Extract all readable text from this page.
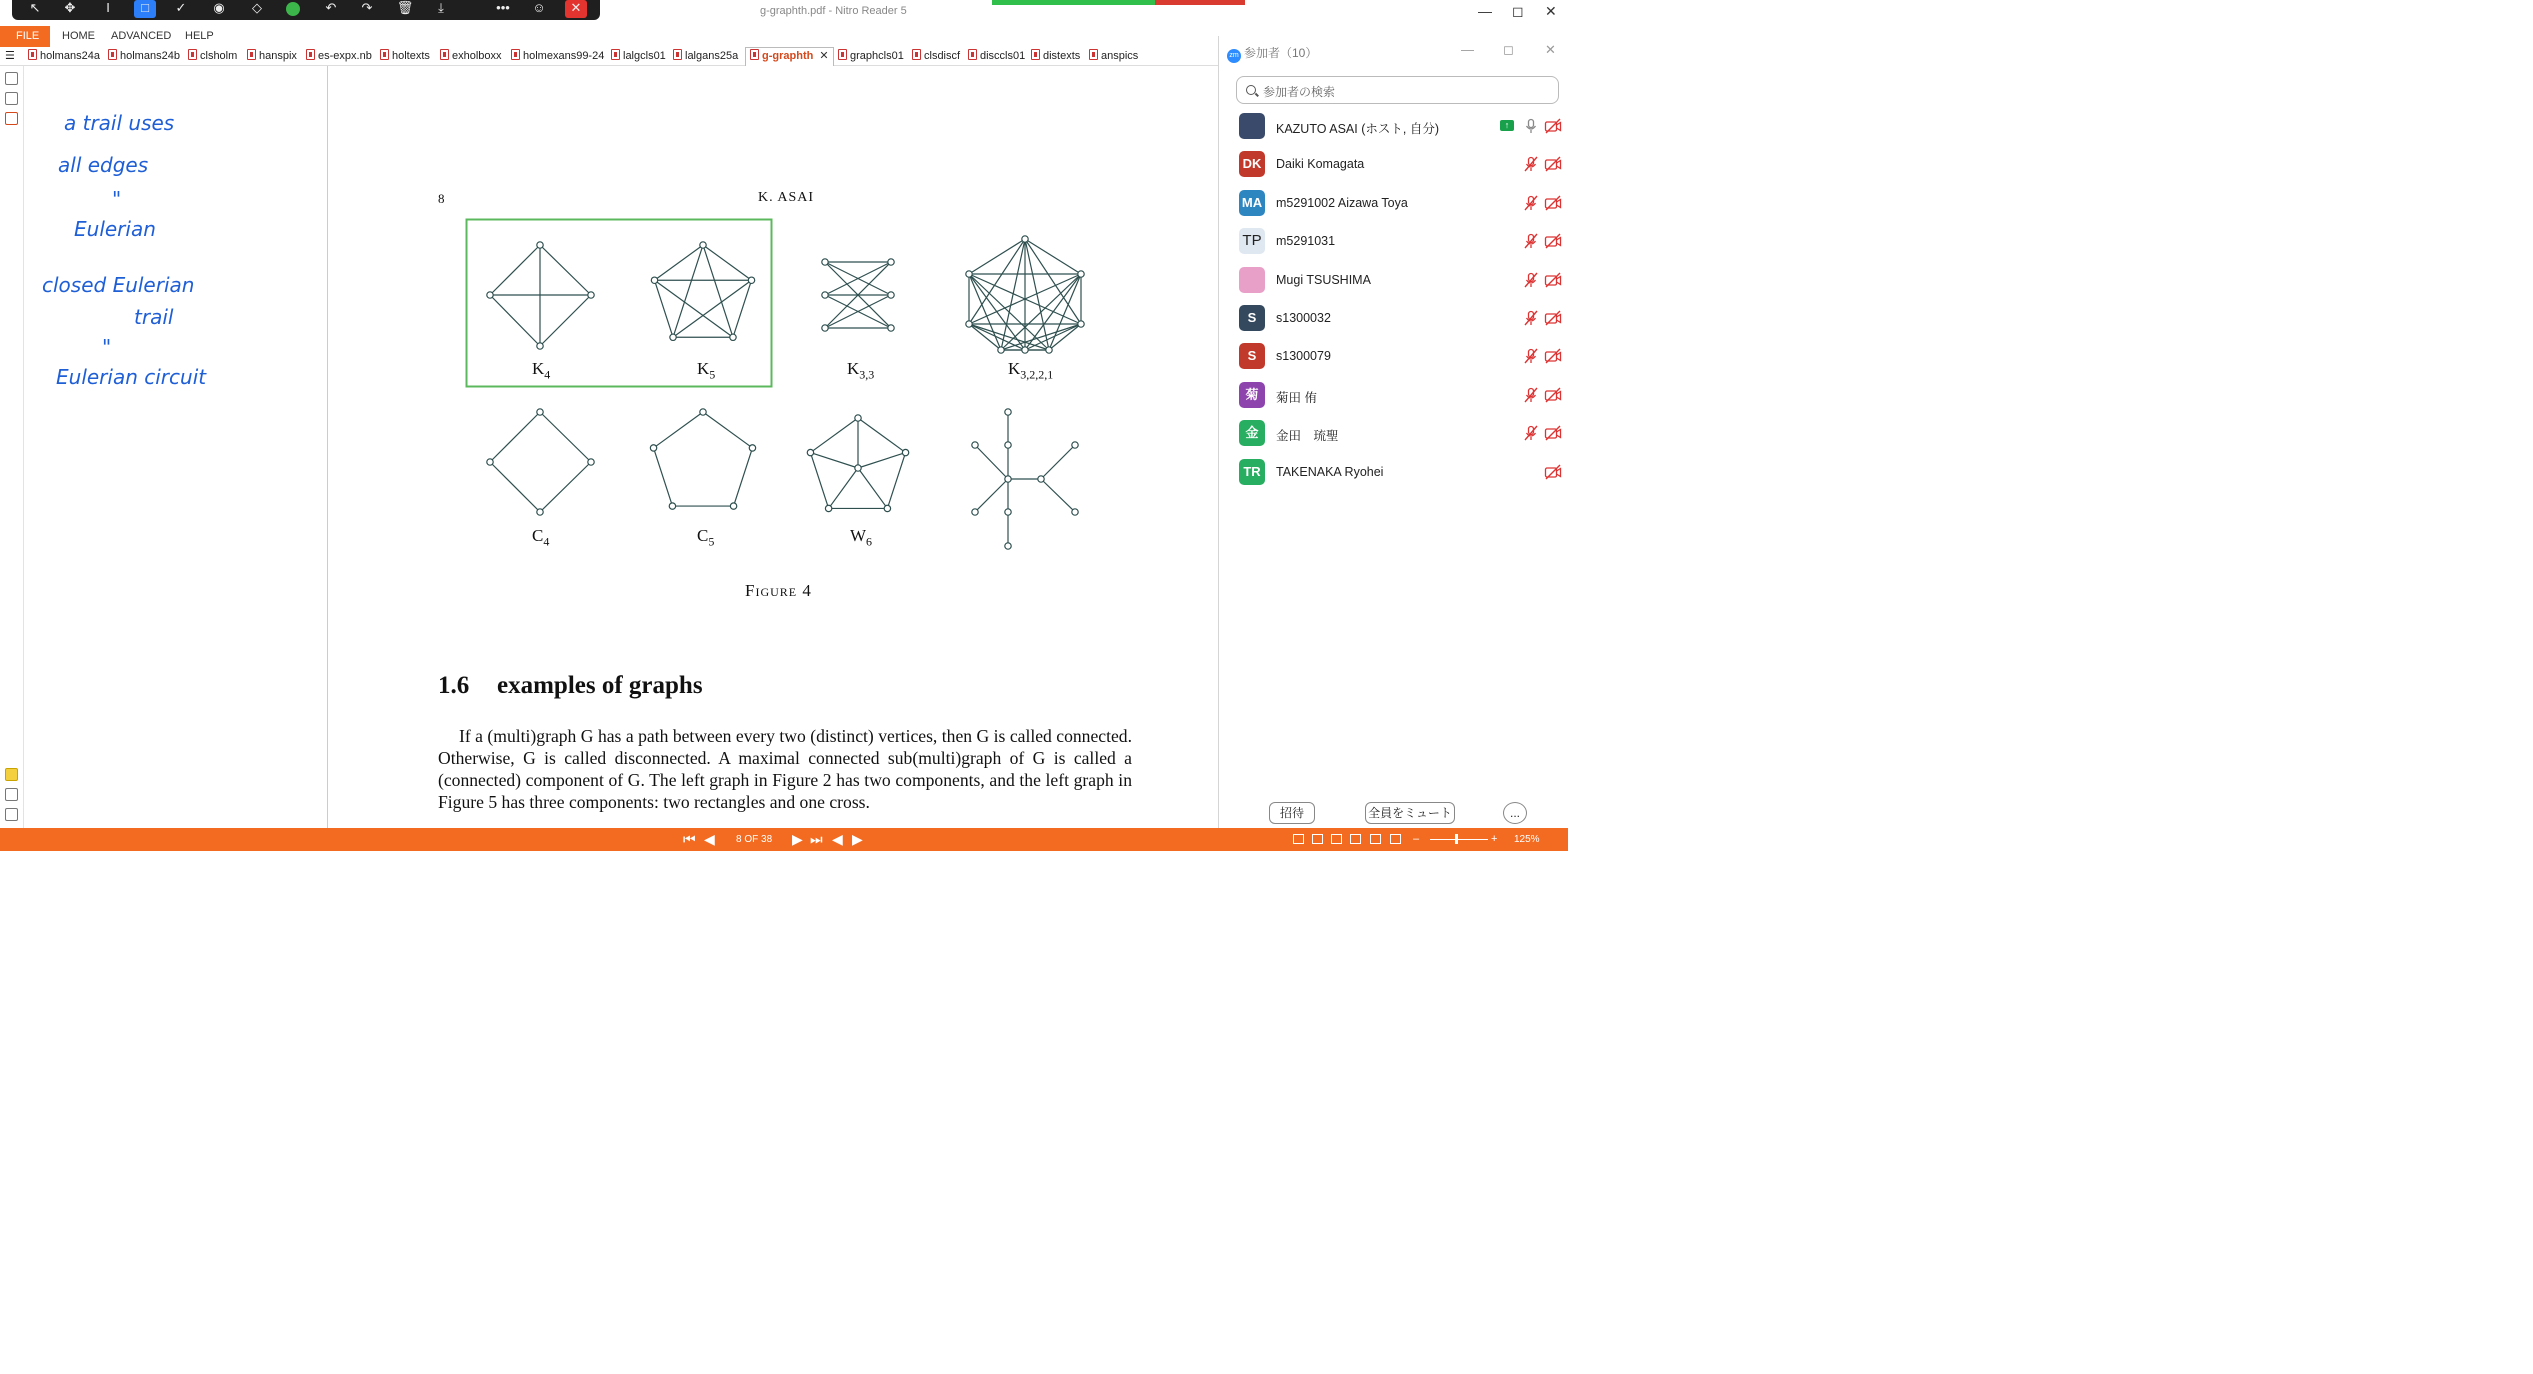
g-graphth.pdf - Nitro Reader 5	— ◻ ✕
↖	✥	I	□	✓	◉	◇	↶	↷	🗑	⤓	•••	☺	✕
FILE	HOME ADVANCED HELP
☰	holmans24a	holmans24b	clsholm	hanspix	es-expx.nb	holtexts	exholboxx	holmexans99-24	lalgcls01	lalgans25a	g-graphth ✕	graphcls01	clsdiscf	disccls01	distexts	anspics
a trail uses
all edges
"
Eulerian
closed Eulerian
trail
"
Eulerian circuit
8	K. ASAI
$K_4$	$K_5$	$K_{3,3}$	$K_{3,2,2,1}$
$C_4$	$C_5$	$W_6$
Figure 4
1.6 examples of graphs

If a (multi)graph G has a path between every two (distinct) vertices, then G is called connected. Otherwise, G is called disconnected. A maximal connected sub(multi)graph of G is called a (connected) component of G. The left graph in Figure 2 has two components, and the left graph in Figure 5 has three components: two rectangles and one cross.

zm 参加者（10）	— ◻ ✕
参加者の検索
KAZUTO ASAI (ホスト, 自分)	↑
DK Daiki Komagata
MA m5291002 Aizawa Toya
TP m5291031
Mugi TSUSHIMA
S	s1300032
S	s1300079
菊	菊田 侑
金	金田　琉聖
TR	TAKENAKA Ryohei
招待	全員をミュート	...
⏮ ◀ 8 OF 38 ▶ ⏭ ◀ ▶	–	+ 125%
